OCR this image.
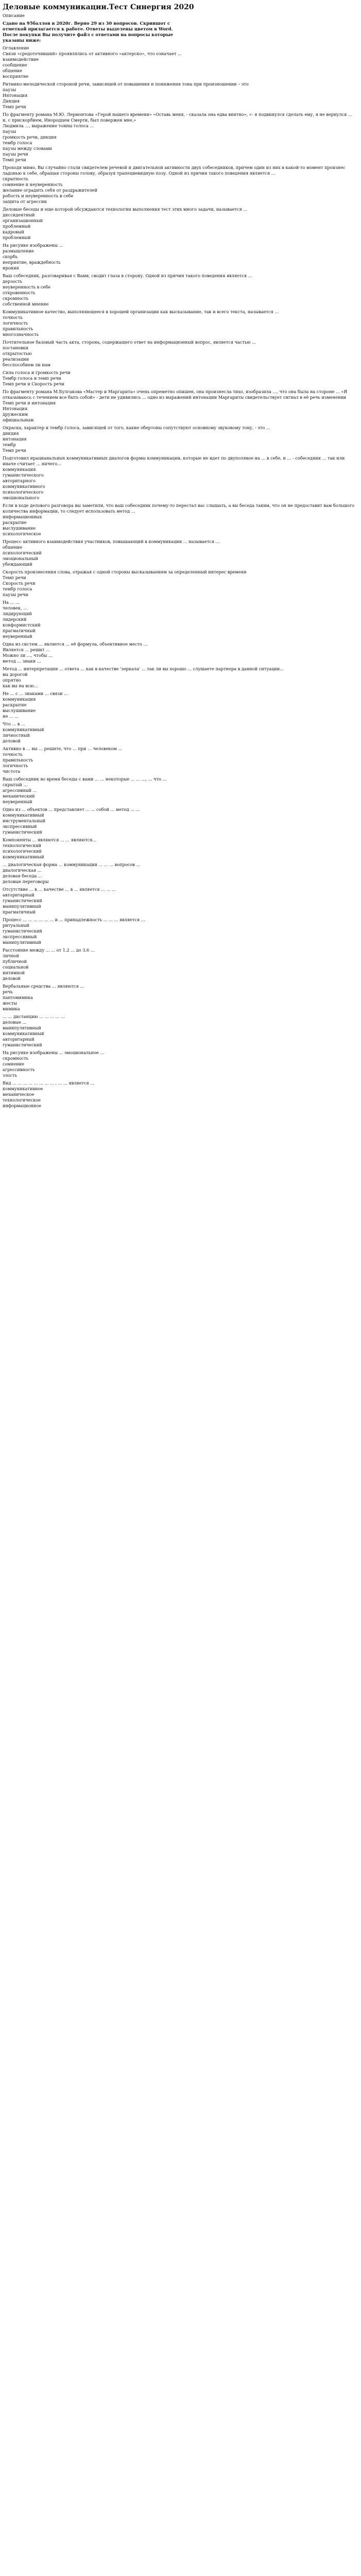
Деловые коммуникации.Тест Синергия 2020
Описание
Сдано на 95баллов в 2020г. Верно 29 из 30 вопросов. Скриншот с
отметкой прилагается к работе. Ответы выделены цветом в Word.
После покупки Вы получите файл с ответами на вопросы которые
указаны ниже:
Оглавление
Связи «средоточивший» проявлялись от активного «актерско», что означает ...
взаимодействие
сообщение
общение
восприятие
Ритмико-мелодической стороной речи, зависящей от повышения и понижения тона при произношении – это
паузы
Интонация
Дикция
Темп речи
По фрагменту романа М.Ю. Лермонтова «Герой нашего времени» «Оставь меня, - сказала она едва внятно», «- я подвинулся сделать ему, я не вернулся …и, с прискорбием, Инородцем Смерти, был повержен мне,»
Людмила ..., выражение тонны голоса ...
паузы
громкость речи, дикция
тембр голоса
паузы между словами
паузы речи
Темп речи
Проходя мимо, Вы случайно стали свидетелем речевой и двигательной активности двух собеседников, причем один из них в какой-то момент произнес ладонью к себе, обращая стороны голову, образуя трапециевидную позу. Одной из причин такого поведения является ...
скрытность
сомнение и неуверенность
желание оградить себя от раздражителей
робость и неуверенность в себе
защита от агрессии
Деловые беседы и еще которой обсуждаются технологии выполнения тест этих много задачи, называется ...
диссидентный
организационный
проблемный
кадровый
проблемный
На рисунке изображены ...
размышление
скорбь
неприятие, враждебность
ирония
Ваш собеседник, разговаривая с Вами, сводит глаза в сторону. Одной из причин такого поведения является ...
дерзость
неуверенность в себе
откровенность
скромность
собственной мнение
Коммуникативное качество, выполняющееся в хорошей организации как высказывание, так и всего текста, называется ...
точность
логичность
правильность
многозначность
Почтительное базовый часть акта, сторона, содержащего ответ на информационный вопрос, является частью ...
постановки
открытостью
реализации
бесспособием ли нам
Сила голоса и громкость речи
Тембр голоса и темп речи
Темп речи и Скорость речи
По фрагменту романа М.Булгакова «Мастер и Маргарита» очень опреметно опишен, она произнесла тихо, изобразила ..., что она была на стороне ... «Я отказываюсь с течением все быть собой» - дети не удивились ... одно из выражений интонации Маргариты свидетельствует сигнал в её речь изменении
Темп речи и интонация
Интонация
дружеским
официальным
Окраска, характер и тембр голоса, зависящей от того, какие обертоны сопутствуют основному звуковому тону, - это ...
дикция
интонация
тембр
Темп речи
Подготовил ирацианальных коммуникативных диалогов формы коммуникации, которые не идет по двуполявое на ... в себе, и ... - собеседник ... так или иначе считает ... ничего...
коммуникация
гуманистического
авторитарного
коммуникативного
психологического
эмоционального
Если в ходе делового разговора вы заметили, что ваш собеседник почему-то перестал вас слышать, а вы беседа таким, что он не предоставит вам большого количества информации, то следует использовать метод ...
информационных
раскрытие
выслушивание
психологическое
Процесс активного взаимодействия участников, повышающий в коммуникации ... называется ...
общение
психологический
эмоциональный
убеждающий
Скорость произнесения слова, отражая с одной стороны высказываниям за определенный интерес времени
Темп речи
Скорость речи
тембр голоса
паузы речи
На ... ...
человек, ...
лидирующий
лидерский
конформистский
прагматичный
неуверенный
Одна из систем ... является ... её формула, объективное место ...
Является ... решит ...
Можно ли ..., чтобы ...
метод ... знаки ...
Метод ... интерпретации ... ответа ... как в качестве 'зеркала' ... так ли вы хорошо ... слушаете партнера в данной ситуации...
вы дорогой
опрятно
как вы на всю...
Не ... с ... знаками ... связи ...
коммуникация
раскрытие
выслушивание
не ... ...
Что ... в ...
коммуникативный
личностный
деловой
Активно в ... вы ... решите, что ... при ... человеком ...
точность
правильность
логичность
чистота
Ваш собеседник во время беседы с вами ... ... некоторые ... ... ..., ... что ...
скрытый ...
агрессивный ...
механический
неуверенный
Одно из ... объектов ... представляет ... ... собой ... метод ... ...
коммуникативный
инструментальный
экспрессивный
гуманистический
Компоненты ... являются ... ... являются...
технологический
психологический
коммуникативный
... диалогическая форма ... коммуникации ... ... ... вопросов ...
диалогическая ...
деловая беседа ...
деловые переговоры
Отсутствие ... в ... качестве ... в ... является ... ... ...
авторитарный
гуманистический
манипулятивный
прагматичный
Процесс ... ... ... ... ... ... и ... принадлежность ... ... ... является ...
ритуальный
гуманистический
экспрессивный
манипулятивный
Расстояние между ... ... от 1,2 ... до 3,6 ...
личной
публичной
социальной
интимной
деловой
Вербальные средства ... являются ...
речь
пантомимика
жесты
мимика
... ... дистанцию ... ... ... ... ...
деловые ...
манипулятивный
коммуникативный
авторитарный
гуманистический
На рисунке изображены ... эмоциональное ...
скромность
сомнение
агрессивность
злость
Вид ... ... ... ... ... ... ... ... , ... ... является ...
коммуникативное
механическое
технологическое
информационное
